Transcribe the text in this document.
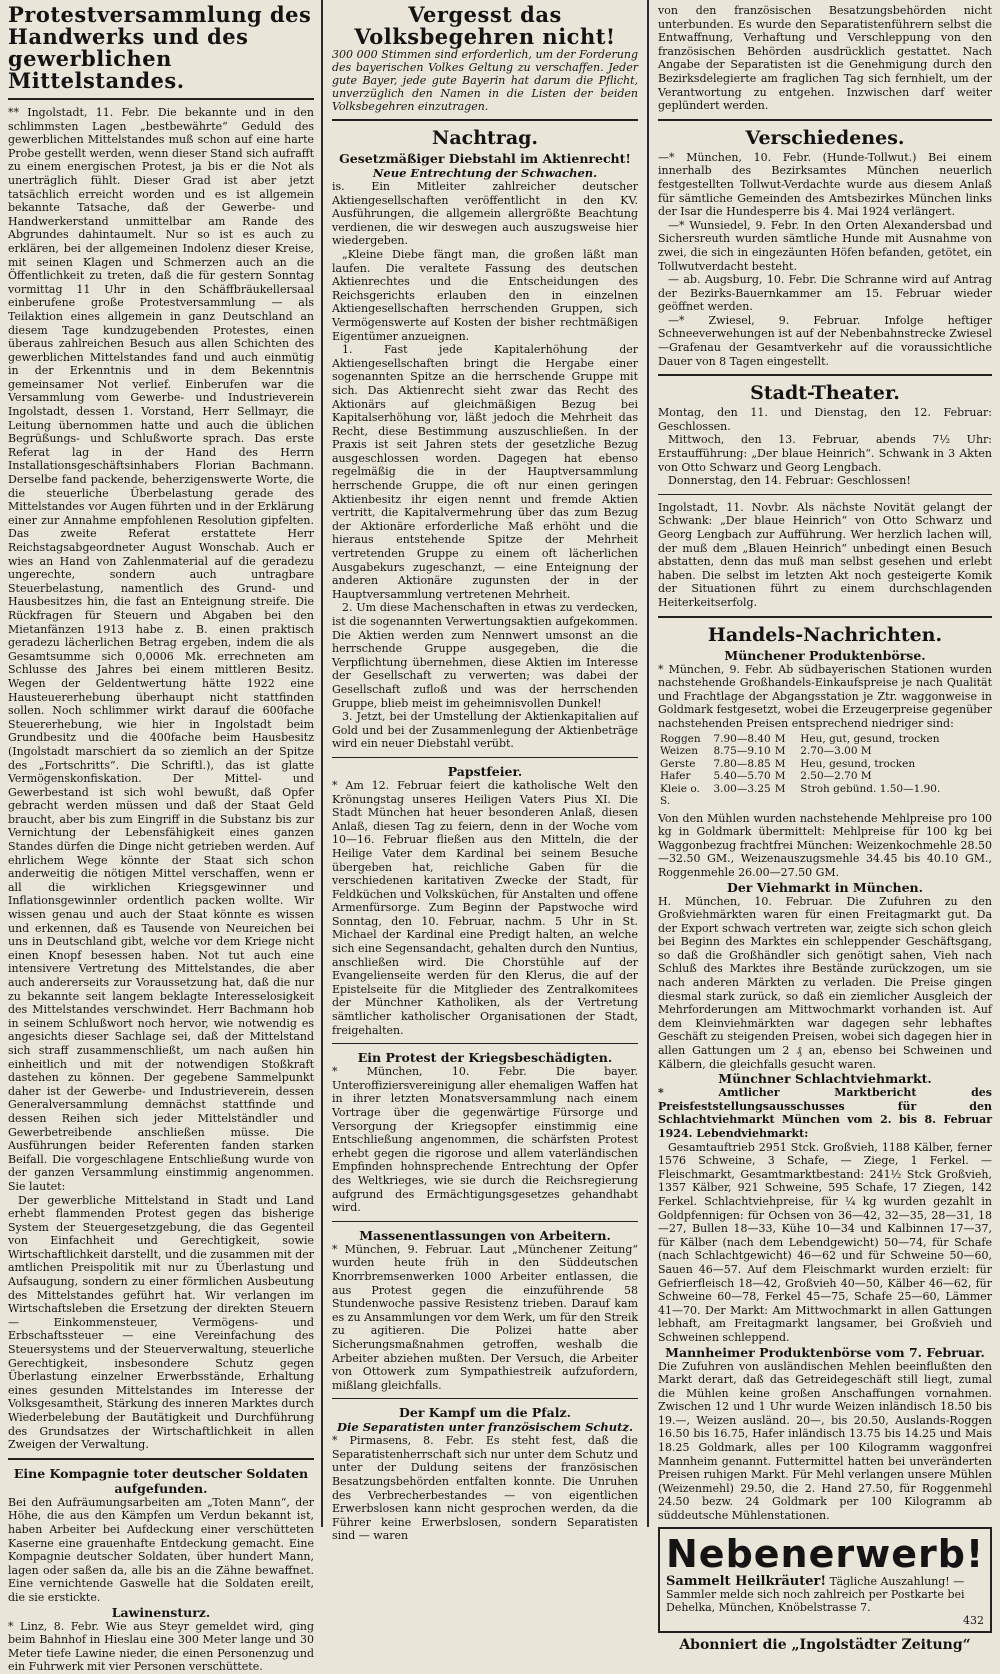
Protestversammlung des Handwerks und des gewerblichen Mittelstandes.

** Ingolstadt, 11. Febr. Die bekannte und in den schlimmsten Lagen „bestbewährte“ Geduld des gewerblichen Mittelstandes muß schon auf eine harte Probe gestellt werden, wenn dieser Stand sich aufrafft zu einem energischen Protest, ja bis er die Not als unerträglich fühlt. Dieser Grad ist aber jetzt tatsächlich erreicht worden und es ist allgemein bekannte Tatsache, daß der Gewerbe- und Handwerkerstand unmittelbar am Rande des Abgrundes dahintaumelt. Nur so ist es auch zu erklären, bei der allgemeinen Indolenz dieser Kreise, mit seinen Klagen und Schmerzen auch an die Öffentlichkeit zu treten, daß die für gestern Sonntag vormittag 11 Uhr in den Schäffbräukellersaal einberufene große Protestversammlung — als Teilaktion eines allgemein in ganz Deutschland an diesem Tage kundzugebenden Protestes, einen überaus zahlreichen Besuch aus allen Schichten des gewerblichen Mittelstandes fand und auch einmütig in der Erkenntnis und in dem Bekenntnis gemeinsamer Not verlief. Einberufen war die Versammlung vom Gewerbe- und Industrieverein Ingolstadt, dessen 1. Vorstand, Herr Sellmayr, die Leitung übernommen hatte und auch die üblichen Begrüßungs- und Schlußworte sprach. Das erste Referat lag in der Hand des Herrn Installationsgeschäftsinhabers Florian Bachmann. Derselbe fand packende, beherzigenswerte Worte, die die steuerliche Überbelastung gerade des Mittelstandes vor Augen führten und in der Erklärung einer zur Annahme empfohlenen Resolution gipfelten. Das zweite Referat erstattete Herr Reichstagsabgeordneter August Wonschab. Auch er wies an Hand von Zahlenmaterial auf die geradezu ungerechte, sondern auch untragbare Steuerbelastung, namentlich des Grund- und Hausbesitzes hin, die fast an Enteignung streife. Die Rückfragen für Steuern und Abgaben bei den Mietanfänzen 1913 habe z. B. einen praktisch geradezu lächerlichen Betrag ergeben, indem die als Gesamtsumme sich 0,0006 Mk. errechneten am Schlusse des Jahres bei einem mittleren Besitz. Wegen der Geldentwertung hätte 1922 eine Hausteuererhebung überhaupt nicht stattfinden sollen. Noch schlimmer wirkt darauf die 600fache Steuererhebung, wie hier in Ingolstadt beim Grundbesitz und die 400fache beim Hausbesitz (Ingolstadt marschiert da so ziemlich an der Spitze des „Fortschritts“. Die Schriftl.), das ist glatte Vermögenskonfiskation. Der Mittel- und Gewerbestand ist sich wohl bewußt, daß Opfer gebracht werden müssen und daß der Staat Geld braucht, aber bis zum Eingriff in die Substanz bis zur Vernichtung der Lebensfähigkeit eines ganzen Standes dürfen die Dinge nicht getrieben werden. Auf ehrlichem Wege könnte der Staat sich schon anderweitig die nötigen Mittel verschaffen, wenn er all die wirklichen Kriegsgewinner und Inflationsgewinnler ordentlich packen wollte. Wir wissen genau und auch der Staat könnte es wissen und erkennen, daß es Tausende von Neureichen bei uns in Deutschland gibt, welche vor dem Kriege nicht einen Knopf besessen haben. Not tut auch eine intensivere Vertretung des Mittelstandes, die aber auch andererseits zur Voraussetzung hat, daß die nur zu bekannte seit langem beklagte Interesselosigkeit des Mittelstandes verschwindet. Herr Bachmann hob in seinem Schlußwort noch hervor, wie notwendig es angesichts dieser Sachlage sei, daß der Mittelstand sich straff zusammenschließt, um nach außen hin einheitlich und mit der notwendigen Stoßkraft dastehen zu können. Der gegebene Sammelpunkt daher ist der Gewerbe- und Industrieverein, dessen Generalversammlung demnächst stattfinde und dessen Reihen sich jeder Mittelständler und Gewerbetreibende anschließen müsse. Die Ausführungen beider Referenten fanden starken Beifall. Die vorgeschlagene Entschließung wurde von der ganzen Versammlung einstimmig angenommen. Sie lautet:

Der gewerbliche Mittelstand in Stadt und Land erhebt flammenden Protest gegen das bisherige System der Steuergesetzgebung, die das Gegenteil von Einfachheit und Gerechtigkeit, sowie Wirtschaftlichkeit darstellt, und die zusammen mit der amtlichen Preispolitik mit nur zu Überlastung und Aufsaugung, sondern zu einer förmlichen Ausbeutung des Mittelstandes geführt hat. Wir verlangen im Wirtschaftsleben die Ersetzung der direkten Steuern — Einkommensteuer, Vermögens- und Erbschaftssteuer — eine Vereinfachung des Steuersystems und der Steuerverwaltung, steuerliche Gerechtigkeit, insbesondere Schutz gegen Überlastung einzelner Erwerbsstände, Erhaltung eines gesunden Mittelstandes im Interesse der Volksgesamtheit, Stärkung des inneren Marktes durch Wiederbelebung der Bautätigkeit und Durchführung des Grundsatzes der Wirtschaftlichkeit in allen Zweigen der Verwaltung.

Eine Kompagnie toter deutscher Soldaten aufgefunden.

Bei den Aufräumungsarbeiten am „Toten Mann“, der Höhe, die aus den Kämpfen um Verdun bekannt ist, haben Arbeiter bei Aufdeckung einer verschütteten Kaserne eine grauenhafte Entdeckung gemacht. Eine Kompagnie deutscher Soldaten, über hundert Mann, lagen oder saßen da, alle bis an die Zähne bewaffnet. Eine vernichtende Gaswelle hat die Soldaten ereilt, die sie erstickte.

Lawinensturz.

* Linz, 8. Febr. Wie aus Steyr gemeldet wird, ging beim Bahnhof in Hieslau eine 300 Meter lange und 30 Meter tiefe Lawine nieder, die einen Personenzug und ein Fuhrwerk mit vier Personen verschüttete.

Vergesst das Volksbegehren nicht!

300 000 Stimmen sind erforderlich, um der Forderung des bayerischen Volkes Geltung zu verschaffen. Jeder gute Bayer, jede gute Bayerin hat darum die Pflicht, unverzüglich den Namen in die Listen der beiden Volksbegehren einzutragen.

Nachtrag.
Gesetzmäßiger Diebstahl im Aktienrecht!
Neue Entrechtung der Schwachen.

is. Ein Mitleiter zahlreicher deutscher Aktiengesellschaften veröffentlicht in den KV. Ausführungen, die allgemein allergrößte Beachtung verdienen, die wir deswegen auch auszugsweise hier wiedergeben.

„Kleine Diebe fängt man, die großen läßt man laufen. Die veraltete Fassung des deutschen Aktienrechtes und die Entscheidungen des Reichsgerichts erlauben den in einzelnen Aktiengesellschaften herrschenden Gruppen, sich Vermögenswerte auf Kosten der bisher rechtmäßigen Eigentümer anzueignen.

1. Fast jede Kapitalerhöhung der Aktiengesellschaften bringt die Hergabe einer sogenannten Spitze an die herrschende Gruppe mit sich. Das Aktienrecht sieht zwar das Recht des Aktionärs auf gleichmäßigen Bezug bei Kapitalserhöhung vor, läßt jedoch die Mehrheit das Recht, diese Bestimmung auszuschließen. In der Praxis ist seit Jahren stets der gesetzliche Bezug ausgeschlossen worden. Dagegen hat ebenso regelmäßig die in der Hauptversammlung herrschende Gruppe, die oft nur einen geringen Aktienbesitz ihr eigen nennt und fremde Aktien vertritt, die Kapitalvermehrung über das zum Bezug der Aktionäre erforderliche Maß erhöht und die hieraus entstehende Spitze der Mehrheit vertretenden Gruppe zu einem oft lächerlichen Ausgabekurs zugeschanzt, — eine Enteignung der anderen Aktionäre zugunsten der in der Hauptversammlung vertretenen Mehrheit.

2. Um diese Machenschaften in etwas zu verdecken, ist die sogenannten Verwertungsaktien aufgekommen. Die Aktien werden zum Nennwert umsonst an die herrschende Gruppe ausgegeben, die die Verpflichtung übernehmen, diese Aktien im Interesse der Gesellschaft zu verwerten; was dabei der Gesellschaft zufloß und was der herrschenden Gruppe, blieb meist im geheimnisvollen Dunkel!

3. Jetzt, bei der Umstellung der Aktienkapitalien auf Gold und bei der Zusammenlegung der Aktienbeträge wird ein neuer Diebstahl verübt.

Papstfeier.

* Am 12. Februar feiert die katholische Welt den Krönungstag unseres Heiligen Vaters Pius XI. Die Stadt München hat heuer besonderen Anlaß, diesen Anlaß, diesen Tag zu feiern, denn in der Woche vom 10—16. Februar fließen aus den Mitteln, die der Heilige Vater dem Kardinal bei seinem Besuche übergeben hat, reichliche Gaben für die verschiedenen karitativen Zwecke der Stadt, für Feldküchen und Volksküchen, für Anstalten und offene Armenfürsorge. Zum Beginn der Papstwoche wird Sonntag, den 10. Februar, nachm. 5 Uhr in St. Michael der Kardinal eine Predigt halten, an welche sich eine Segensandacht, gehalten durch den Nuntius, anschließen wird. Die Chorstühle auf der Evangelienseite werden für den Klerus, die auf der Epistelseite für die Mitglieder des Zentralkomitees der Münchner Katholiken, als der Vertretung sämtlicher katholischer Organisationen der Stadt, freigehalten.

Ein Protest der Kriegsbeschädigten.

* München, 10. Febr. Die bayer. Unteroffiziersvereinigung aller ehemaligen Waffen hat in ihrer letzten Monatsversammlung nach einem Vortrage über die gegenwärtige Fürsorge und Versorgung der Kriegsopfer einstimmig eine Entschließung angenommen, die schärfsten Protest erhebt gegen die rigorose und allem vaterländischen Empfinden hohnsprechende Entrechtung der Opfer des Weltkrieges, wie sie durch die Reichsregierung aufgrund des Ermächtigungsgesetzes gehandhabt wird.

Massenentlassungen von Arbeitern.

* München, 9. Februar. Laut „Münchener Zeitung“ wurden heute früh in den Süddeutschen Knorrbremsenwerken 1000 Arbeiter entlassen, die aus Protest gegen die einzuführende 58 Stundenwoche passive Resistenz trieben. Darauf kam es zu Ansammlungen vor dem Werk, um für den Streik zu agitieren. Die Polizei hatte aber Sicherungsmaßnahmen getroffen, weshalb die Arbeiter abziehen mußten. Der Versuch, die Arbeiter von Ottowerk zum Sympathiestreik aufzufordern, mißlang gleichfalls.

Der Kampf um die Pfalz.
Die Separatisten unter französischem Schutz.

* Pirmasens, 8. Febr. Es steht fest, daß die Separatistenherrschaft sich nur unter dem Schutz und unter der Duldung seitens der französischen Besatzungsbehörden entfalten konnte. Die Unruhen des Verbrecherbestandes — von eigentlichen Erwerbslosen kann nicht gesprochen werden, da die Führer keine Erwerbslosen, sondern Separatisten sind — waren

von den französischen Besatzungsbehörden nicht unterbunden. Es wurde den Separatistenführern selbst die Entwaffnung, Verhaftung und Verschleppung von den französischen Behörden ausdrücklich gestattet. Nach Angabe der Separatisten ist die Genehmigung durch den Bezirksdelegierte am fraglichen Tag sich fernhielt, um der Verantwortung zu entgehen. Inzwischen darf weiter geplündert werden.

Verschiedenes.

—* München, 10. Febr. (Hunde-Tollwut.) Bei einem innerhalb des Bezirksamtes München neuerlich festgestellten Tollwut-Verdachte wurde aus diesem Anlaß für sämtliche Gemeinden des Amtsbezirkes München links der Isar die Hundesperre bis 4. Mai 1924 verlängert.

—* Wunsiedel, 9. Febr. In den Orten Alexandersbad und Sichersreuth wurden sämtliche Hunde mit Ausnahme von zwei, die sich in eingezäunten Höfen befanden, getötet, ein Tollwutverdacht besteht.

— ab. Augsburg, 10. Febr. Die Schranne wird auf Antrag der Bezirks-Bauernkammer am 15. Februar wieder geöffnet werden.

—* Zwiesel, 9. Februar. Infolge heftiger Schneeverwehungen ist auf der Nebenbahnstrecke Zwiesel—Grafenau der Gesamtverkehr auf die voraussichtliche Dauer von 8 Tagen eingestellt.

Stadt-Theater.

Montag, den 11. und Dienstag, den 12. Februar: Geschlossen.

Mittwoch, den 13. Februar, abends 7½ Uhr: Erstaufführung: „Der blaue Heinrich“. Schwank in 3 Akten von Otto Schwarz und Georg Lengbach.

Donnerstag, den 14. Februar: Geschlossen!

Ingolstadt, 11. Novbr. Als nächste Novität gelangt der Schwank: „Der blaue Heinrich“ von Otto Schwarz und Georg Lengbach zur Aufführung. Wer herzlich lachen will, der muß dem „Blauen Heinrich“ unbedingt einen Besuch abstatten, denn das muß man selbst gesehen und erlebt haben. Die selbst im letzten Akt noch gesteigerte Komik der Situationen führt zu einem durchschlagenden Heiterkeitserfolg.

Handels-Nachrichten.
Münchener Produktenbörse.

* München, 9. Febr. Ab südbayerischen Stationen wurden nachstehende Großhandels-Einkaufspreise je nach Qualität und Frachtlage der Abgangsstation je Ztr. waggonweise in Goldmark festgesetzt, wobei die Erzeugerpreise gegenüber nachstehenden Preisen entsprechend niedriger sind:

Roggen	7.90—8.40 M	Heu, gut, gesund, trocken
Weizen	8.75—9.10 M	2.70—3.00 M
Gerste	7.80—8.85 M	Heu, gesund, trocken
Hafer	5.40—5.70 M	2.50—2.70 M
Kleie o. S.	3.00—3.25 M	Stroh gebünd. 1.50—1.90.

Von den Mühlen wurden nachstehende Mehlpreise pro 100 kg in Goldmark übermittelt: Mehlpreise für 100 kg bei Waggonbezug frachtfrei München: Weizenkochmehle 28.50—32.50 GM., Weizenauszugsmehle 34.45 bis 40.10 GM., Roggenmehle 26.00—27.50 GM.

Der Viehmarkt in München.

H. München, 10. Februar. Die Zufuhren zu den Großviehmärkten waren für einen Freitagmarkt gut. Da der Export schwach vertreten war, zeigte sich schon gleich bei Beginn des Marktes ein schleppender Geschäftsgang, so daß die Großhändler sich genötigt sahen, Vieh nach Schluß des Marktes ihre Bestände zurückzogen, um sie nach anderen Märkten zu verladen. Die Preise gingen diesmal stark zurück, so daß ein ziemlicher Ausgleich der Mehrforderungen am Mittwochmarkt vorhanden ist. Auf dem Kleinviehmärkten war dagegen sehr lebhaftes Geschäft zu steigenden Preisen, wobei sich dagegen hier in allen Gattungen um 2 ₰ an, ebenso bei Schweinen und Kälbern, die gleichfalls gesucht waren.

Münchner Schlachtviehmarkt.

* Amtlicher Marktbericht des Preisfeststellungsausschusses für den Schlachtviehmarkt München vom 2. bis 8. Februar 1924. Lebendviehmarkt:

Gesamtauftrieb 2951 Stck. Großvieh, 1188 Kälber, ferner 1576 Schweine, 3 Schafe, — Ziege, 1 Ferkel. — Fleischmarkt, Gesamtmarktbestand: 241½ Stck Großvieh, 1357 Kälber, 921 Schweine, 595 Schafe, 17 Ziegen, 142 Ferkel. Schlachtviehpreise, für ¼ kg wurden gezahlt in Goldpfennigen: für Ochsen von 36—42, 32—35, 28—31, 18—27, Bullen 18—33, Kühe 10—34 und Kalbinnen 17—37, für Kälber (nach dem Lebendgewicht) 50—74, für Schafe (nach Schlachtgewicht) 46—62 und für Schweine 50—60, Sauen 46—57. Auf dem Fleischmarkt wurden erzielt: für Gefrierfleisch 18—42, Großvieh 40—50, Kälber 46—62, für Schweine 60—78, Ferkel 45—75, Schafe 25—60, Lämmer 41—70. Der Markt: Am Mittwochmarkt in allen Gattungen lebhaft, am Freitagmarkt langsamer, bei Großvieh und Schweinen schleppend.

Mannheimer Produktenbörse vom 7. Februar.

Die Zufuhren von ausländischen Mehlen beeinflußten den Markt derart, daß das Getreidegeschäft still liegt, zumal die Mühlen keine großen Anschaffungen vornahmen. Zwischen 12 und 1 Uhr wurde Weizen inländisch 18.50 bis 19.—, Weizen ausländ. 20—, bis 20.50, Auslands-Roggen 16.50 bis 16.75, Hafer inländisch 13.75 bis 14.25 und Mais 18.25 Goldmark, alles per 100 Kilogramm waggonfrei Mannheim genannt. Futtermittel hatten bei unveränderten Preisen ruhigen Markt. Für Mehl verlangen unsere Mühlen (Weizenmehl) 29.50, die 2. Hand 27.50, für Roggenmehl 24.50 bezw. 24 Goldmark per 100 Kilogramm ab süddeutsche Mühlenstationen.

Nebenerwerb!
Sammelt Heilkräuter! Tägliche Auszahlung! — Sammler melde sich noch zahlreich per Postkarte bei Dehelka, München, Knöbelstrasse 7.
432
Abonniert die „Ingolstädter Zeitung“
